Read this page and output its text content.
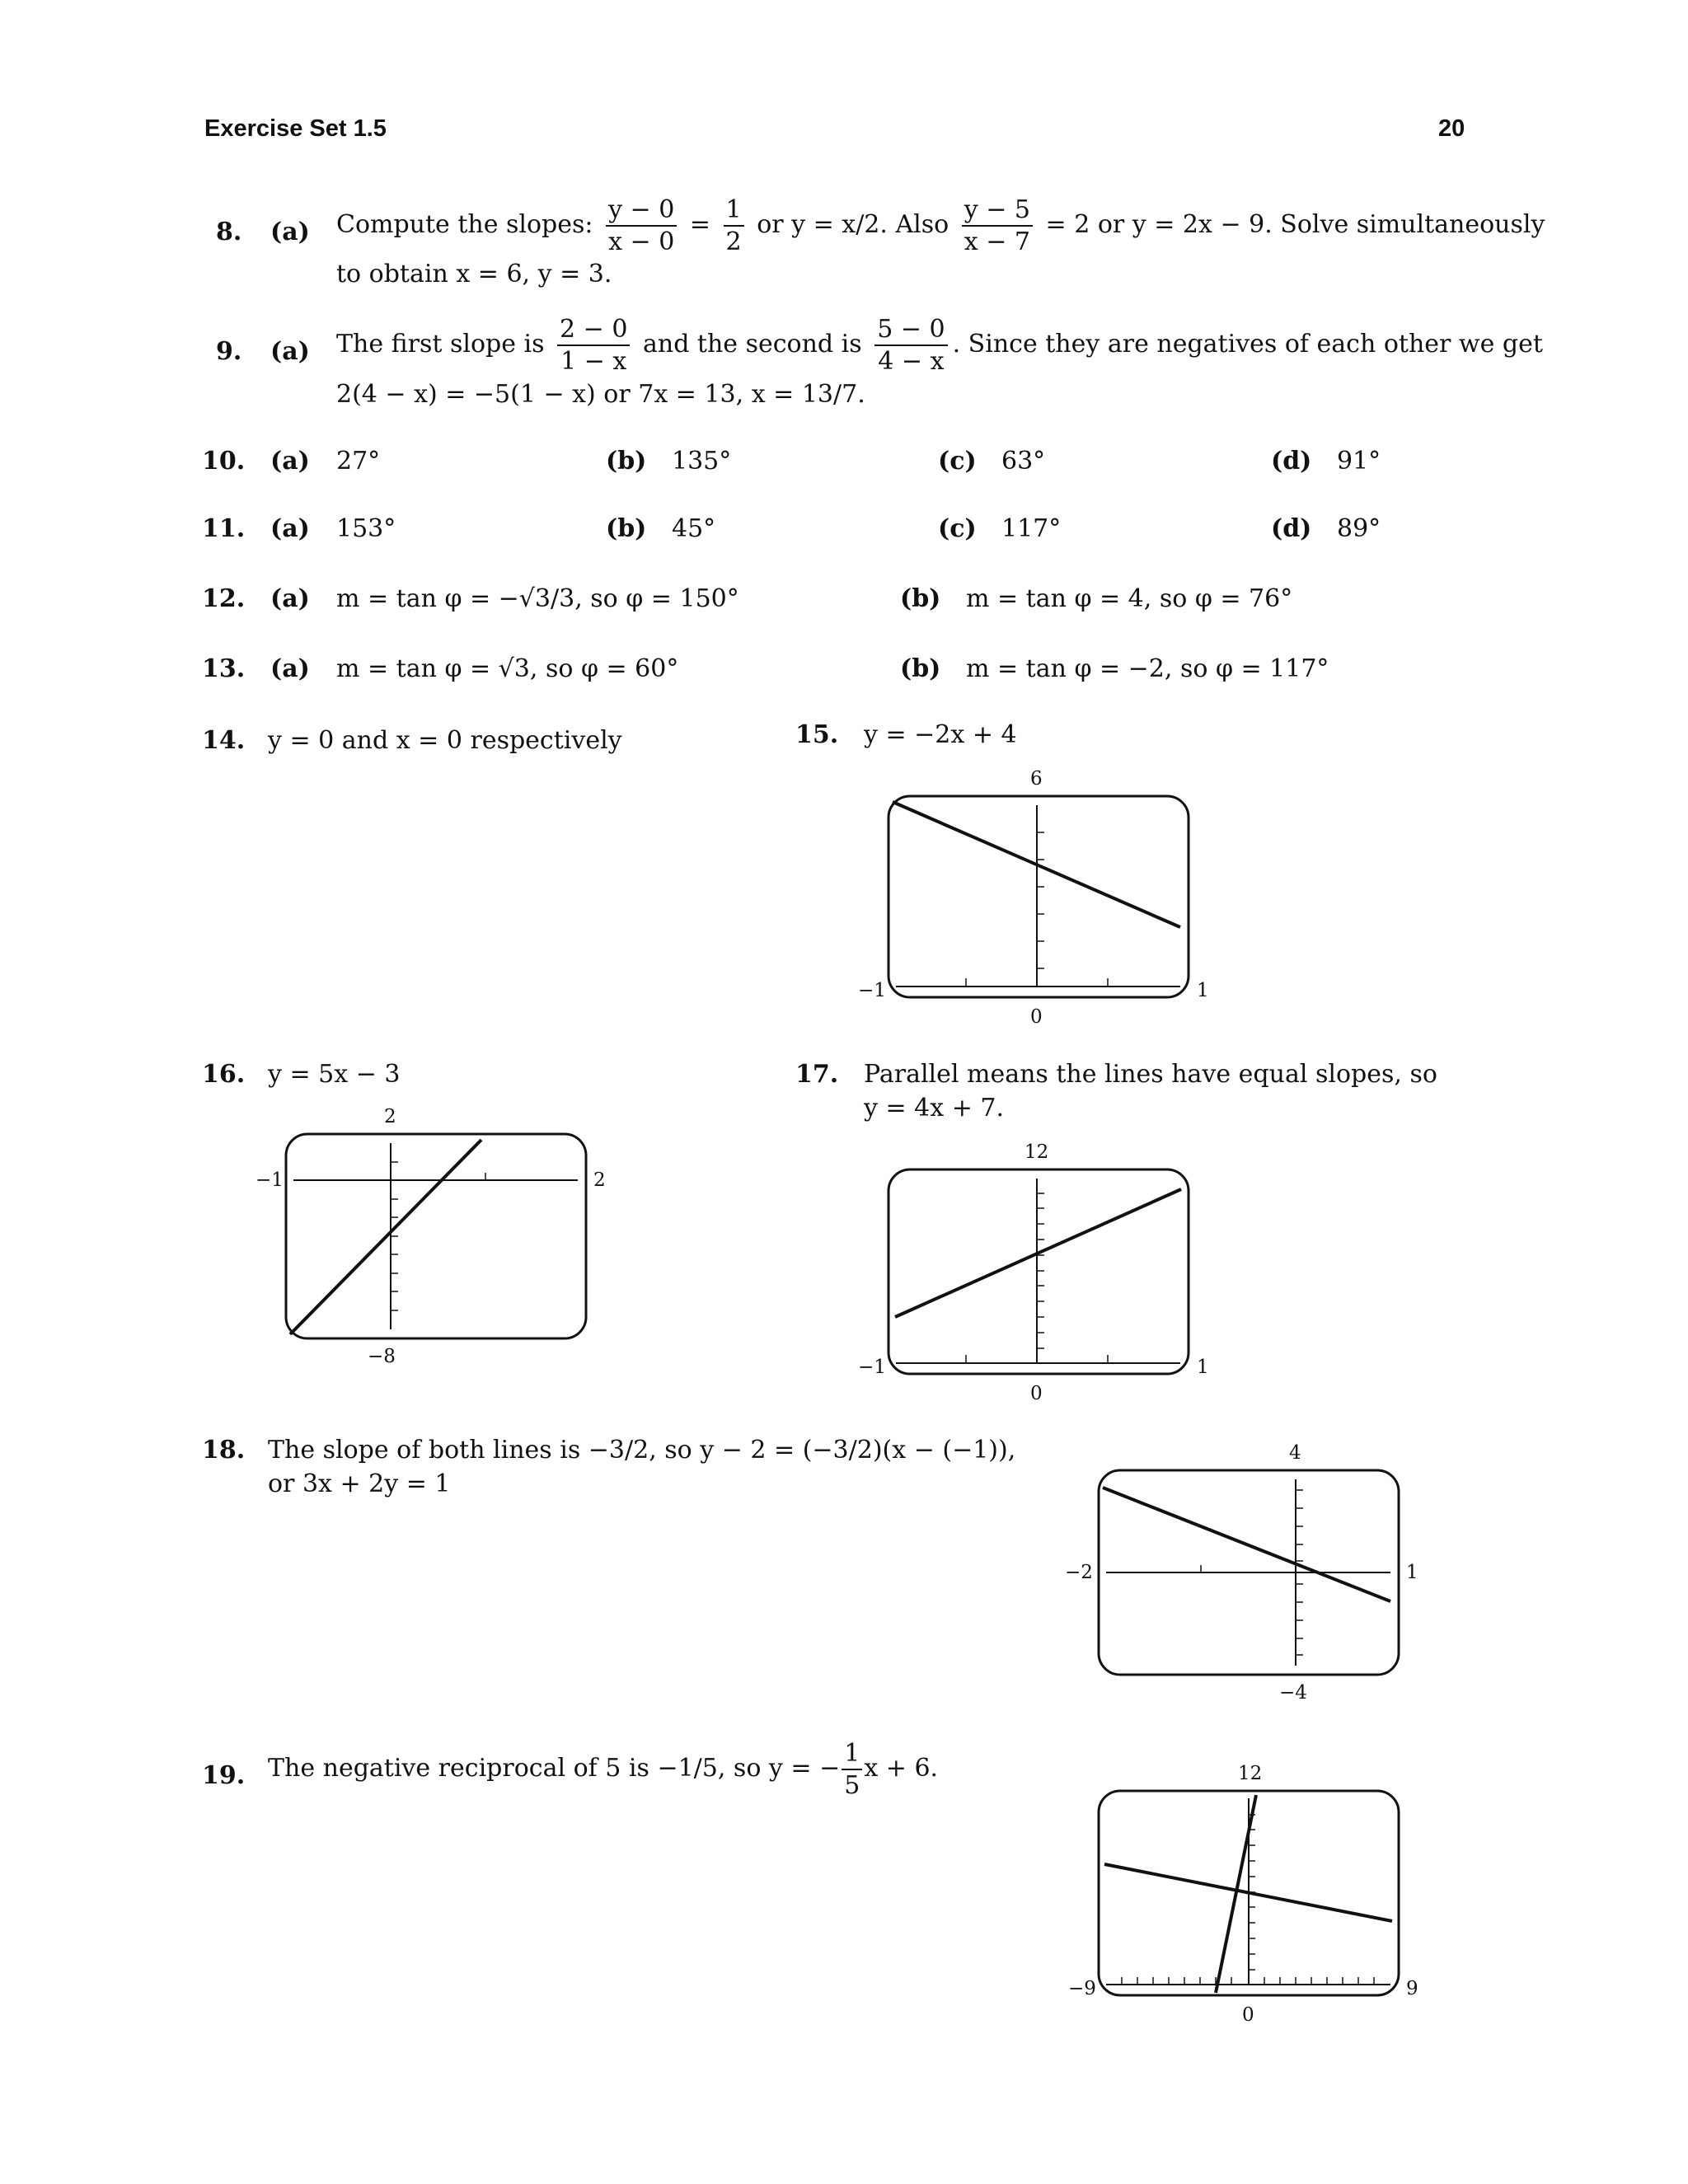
Exercise Set 1.5	20
8. (a) Compute the slopes: $\frac{y - 0}{x - 0} = \frac{1}{2}$ or y = x/2. Also $\frac{y - 5}{x - 7} = 2$ or y = 2x − 9. Solve simultaneously
to obtain x = 6, y = 3.
9. (a) The first slope is $\frac{2 - 0}{1 - x}$ and the second is $\frac{5 - 0}{4 - x}$ . Since they are negatives of each other we get
2(4 − x) = −5(1 − x) or 7x = 13, x = 13/7.
10. (a) 27°	(b) 135°	(c) 63°	(d) 91°
11. (a) 153°	(b) 45°	(c) 117°	(d) 89°
12. (a) m = tan φ = −√3/3, so φ = 150°	(b) m = tan φ = 4, so φ = 76°
13. (a) m = tan φ = √3, so φ = 60°	(b) m = tan φ = −2, so φ = 117°
14. y = 0 and x = 0 respectively	15. y = −2x + 4
6
−1	1
0
16. y = 5x − 3
2
−8
−1	2
17. Parallel means the lines have equal slopes, so
y = 4x + 7.
12
−1	1
0
18. The slope of both lines is −3/2, so y − 2 = (−3/2)(x − (−1)),
or 3x + 2y = 1
4
−4
−2	1
19. The negative reciprocal of 5 is −1/5, so y = − $\frac{1}{5}$ x + 6.	12
−9	9
0
